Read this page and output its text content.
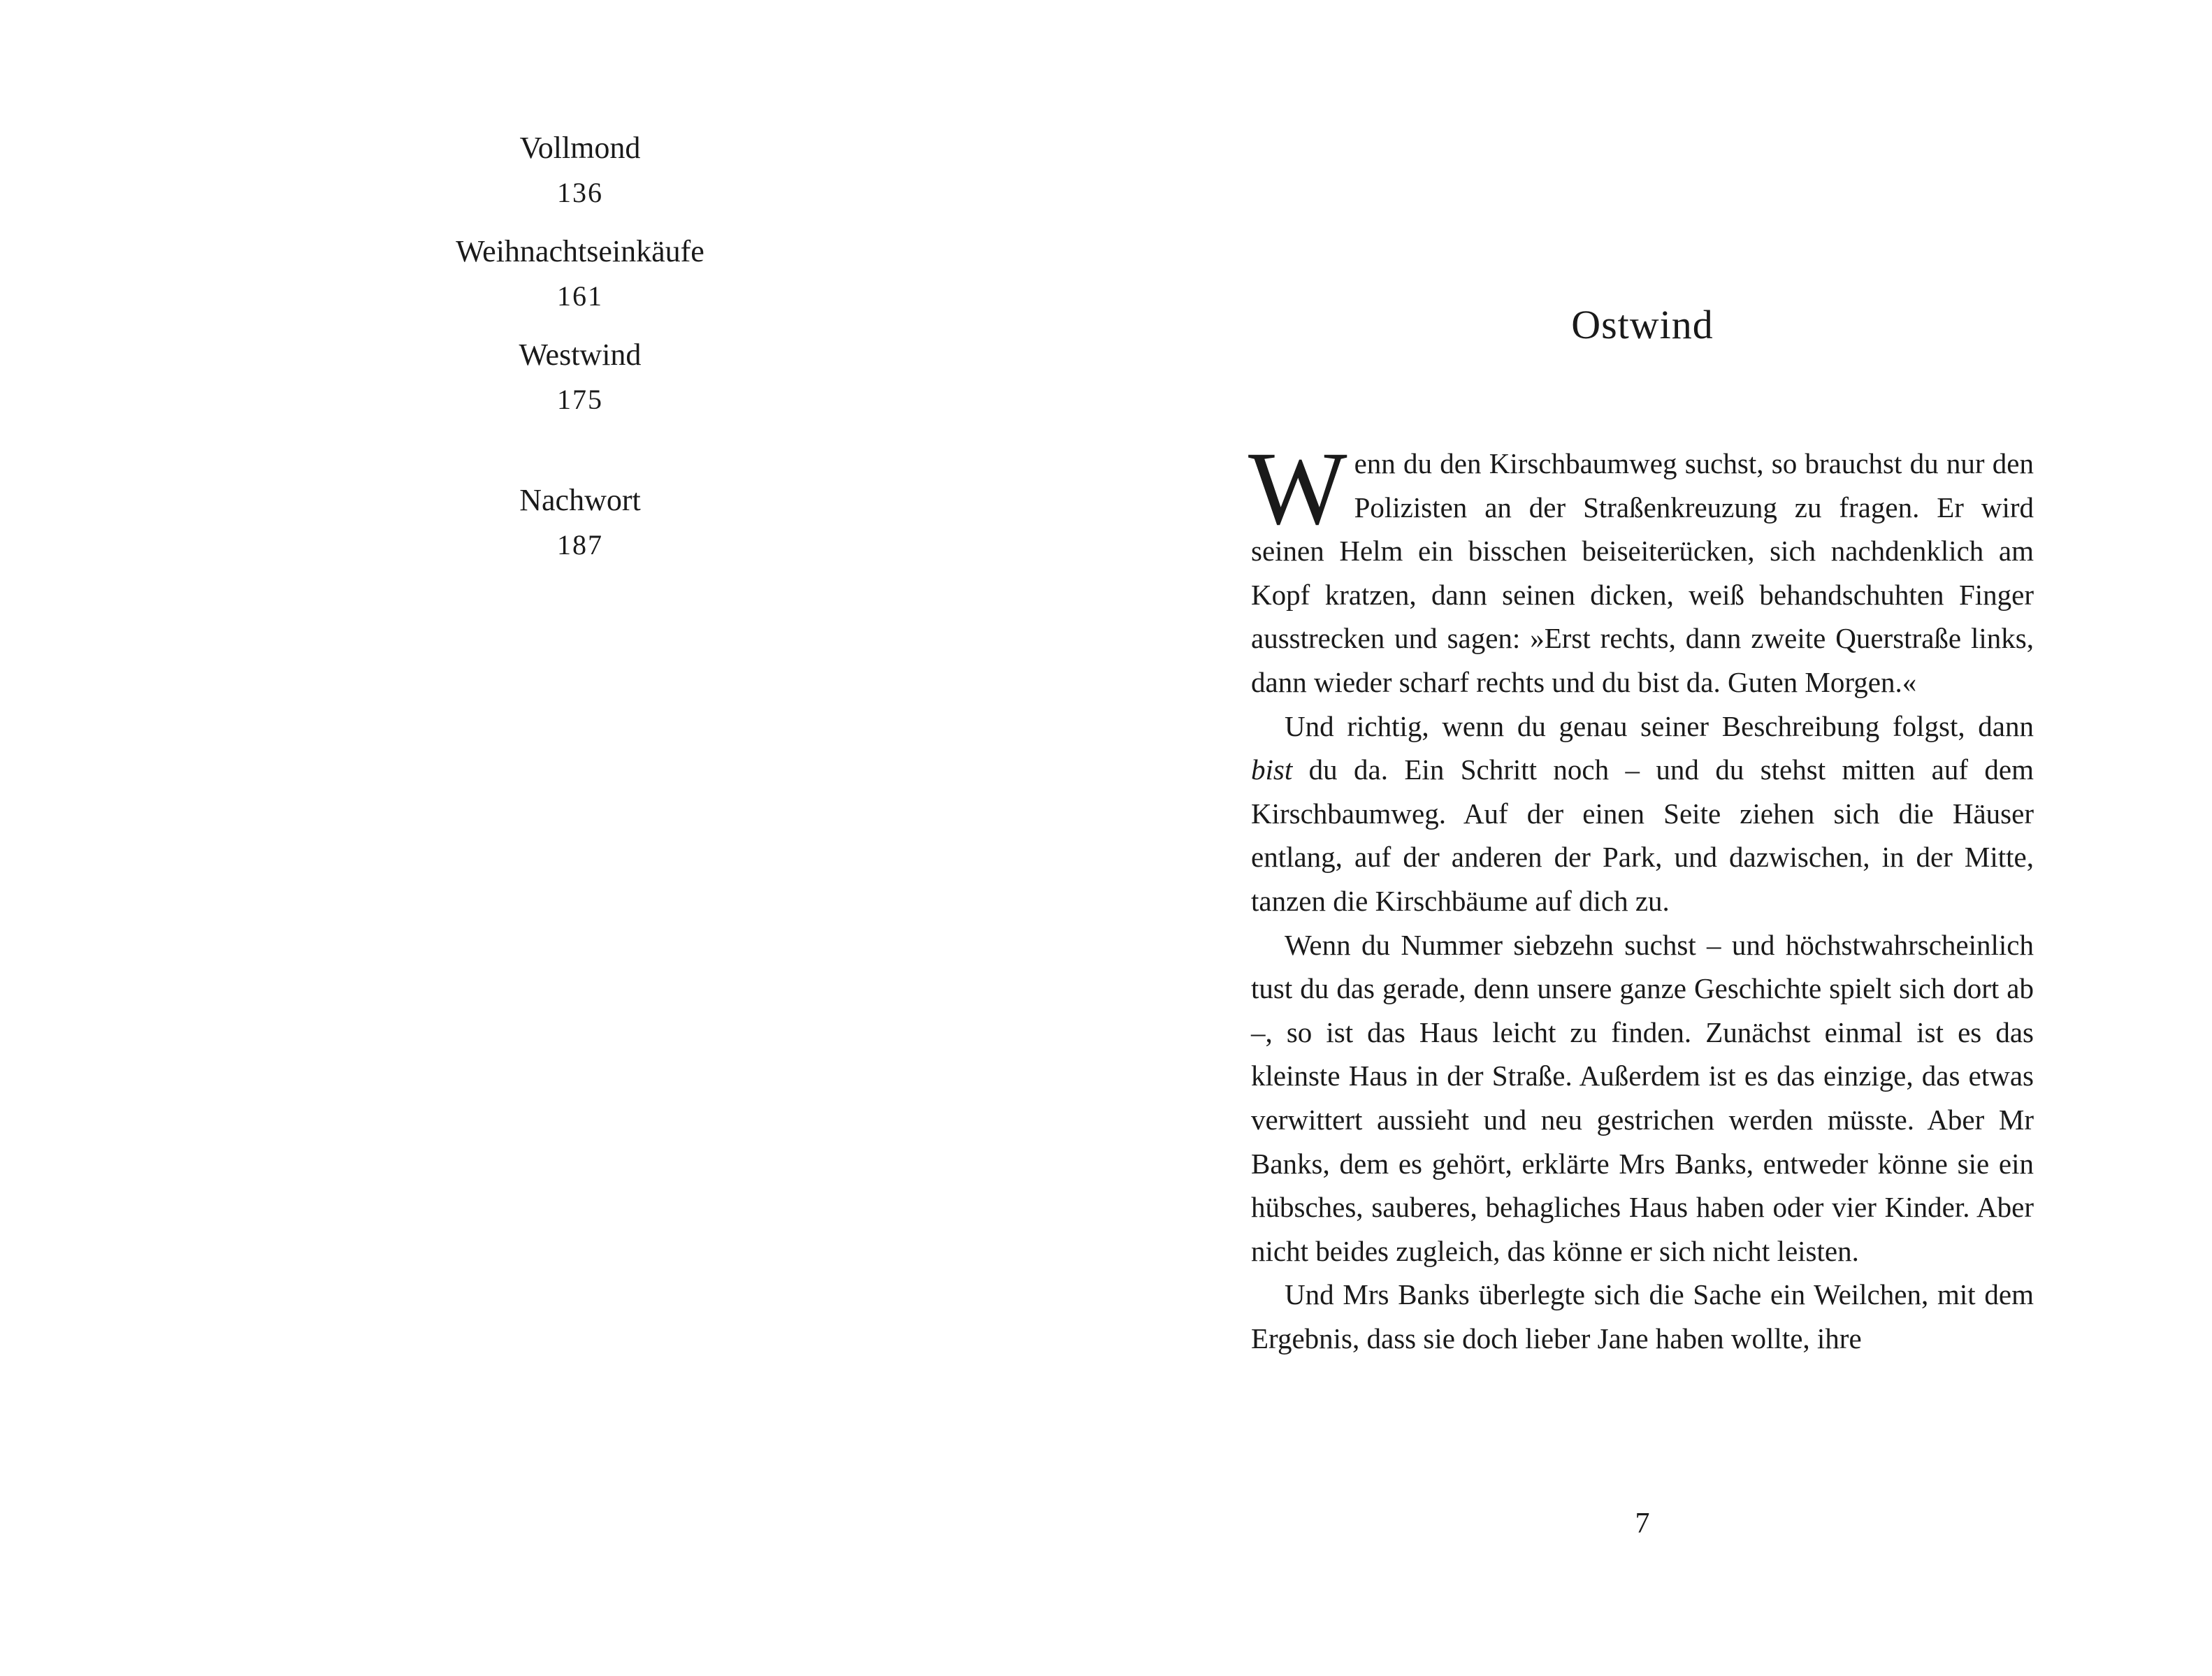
Vollmond
136
Weihnachtseinkäufe
161
Westwind
175
Nachwort
187
Ostwind

Wenn du den Kirschbaumweg suchst, so brauchst du nur den Polizisten an der Straßenkreuzung zu fragen. Er wird seinen Helm ein bisschen beiseiterücken, sich nachdenklich am Kopf kratzen, dann seinen dicken, weiß behandschuhten Finger ausstrecken und sagen: »Erst rechts, dann zweite Querstraße links, dann wieder scharf rechts und du bist da. Guten Morgen.«

Und richtig, wenn du genau seiner Beschreibung folgst, dann bist du da. Ein Schritt noch – und du stehst mitten auf dem Kirschbaumweg. Auf der einen Seite ziehen sich die Häuser entlang, auf der anderen der Park, und dazwischen, in der Mitte, tanzen die Kirschbäume auf dich zu.

Wenn du Nummer siebzehn suchst – und höchstwahrscheinlich tust du das gerade, denn unsere ganze Geschichte spielt sich dort ab –, so ist das Haus leicht zu finden. Zunächst einmal ist es das kleinste Haus in der Straße. Außerdem ist es das einzige, das etwas verwittert aussieht und neu gestrichen werden müsste. Aber Mr Banks, dem es gehört, erklärte Mrs Banks, entweder könne sie ein hübsches, sauberes, behagliches Haus haben oder vier Kinder. Aber nicht beides zugleich, das könne er sich nicht leisten.

Und Mrs Banks überlegte sich die Sache ein Weilchen, mit dem Ergebnis, dass sie doch lieber Jane haben wollte, ihre

7
